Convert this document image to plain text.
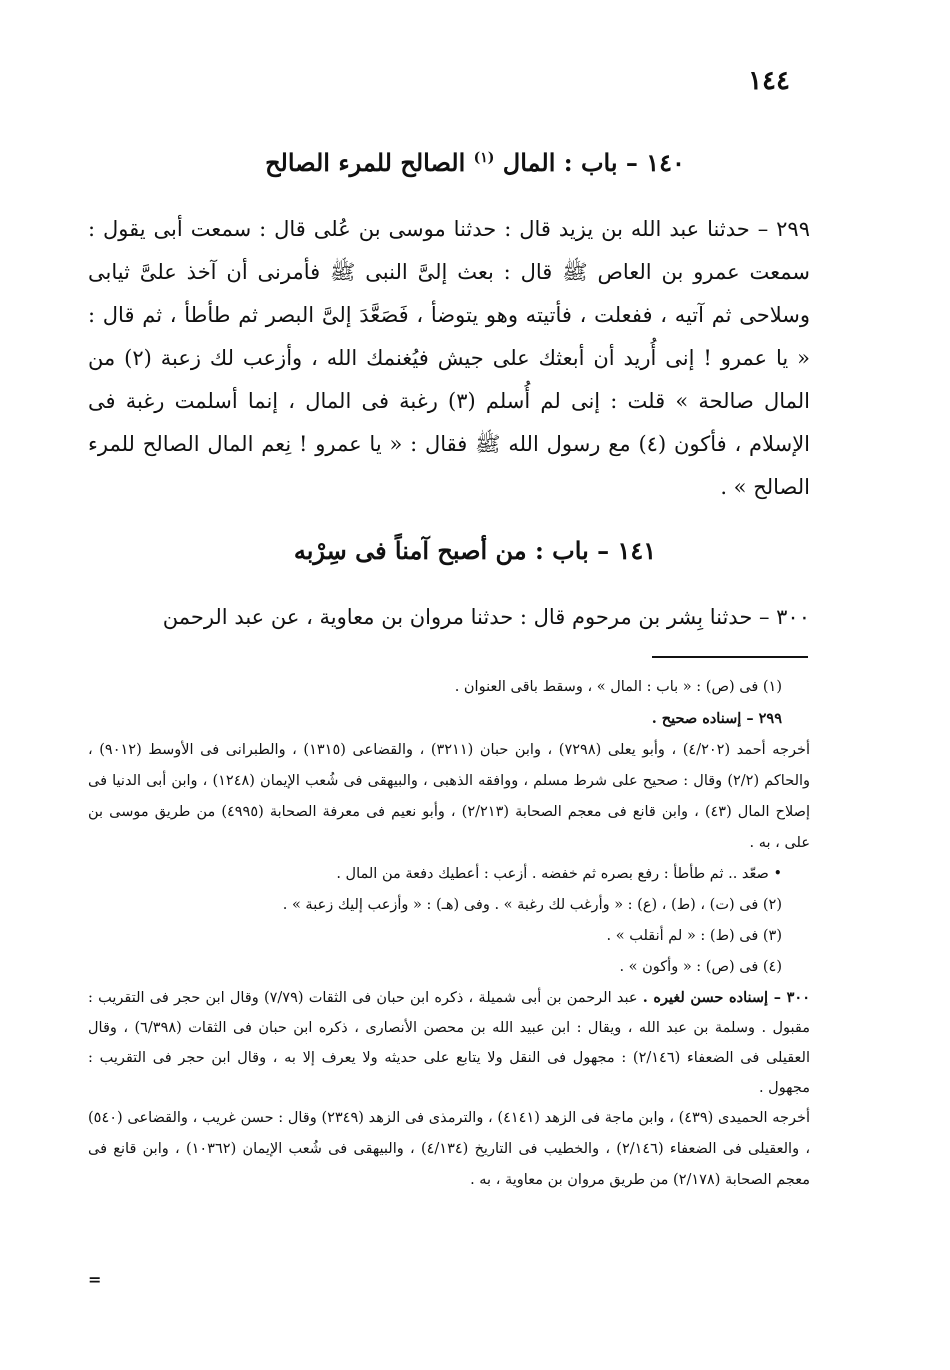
١٤٤
١٤٠ – باب : المال $^{(١)}$ الصالح للمرء الصالح
٢٩٩ – حدثنا عبد الله بن يزيد قال : حدثنا موسى بن عُلى قال : سمعت أبى يقول : سمعت عمرو بن العاص ﷺ قال : بعث إلىَّ النبى ﷺ فأمرنى أن آخذ علىَّ ثيابى وسلاحى ثم آتيه ، ففعلت ، فأتيته وهو يتوضأ ، فَصَعَّدَ إلىَّ البصر ثم طأطأ ، ثم قال : « يا عمرو ! إنى أُريد أن أبعثك على جيش فيُغنمك الله ، وأزعب لك زعبة (٢) من المال صالحة » قلت : إنى لم أُسلم (٣) رغبة فى المال ، إنما أسلمت رغبة فى الإسلام ، فأكون (٤) مع رسول الله ﷺ فقال : « يا عمرو ! نِعم المال الصالح للمرء الصالح » .
١٤١ – باب : من أصبح آمناً فى سِرْبه
٣٠٠ – حدثنا بِشر بن مرحوم قال : حدثنا مروان بن معاوية ، عن عبد الرحمن
(١) فى (ص) : « باب : المال » ، وسقط باقى العنوان .
٢٩٩ – إسناده صحيح .
أخرجه أحمد (٤/٢٠٢) ، وأبو يعلى (٧٢٩٨) ، وابن حبان (٣٢١١) ، والقضاعى (١٣١٥) ، والطبرانى فى الأوسط (٩٠١٢) ، والحاكم (٢/٢) وقال : صحيح على شرط مسلم ، ووافقه الذهبى ، والبيهقى فى شُعب الإيمان (١٢٤٨) ، وابن أبى الدنيا فى إصلاح المال (٤٣) ، وابن قانع فى معجم الصحابة (٢/٢١٣) ، وأبو نعيم فى معرفة الصحابة (٤٩٩٥) من طريق موسى بن على ، به .
• صعّد .. ثم طأطأ : رفع بصره ثم خفضه . أزعب : أعطيك دفعة من المال .
(٢) فى (ت) ، (ط) ، (ع) : « وأرغب لك رغبة » . وفى (هـ) : « وأزعب إليك زعبة » .
(٣) فى (ط) : « لم أنقلب » .
(٤) فى (ص) : « وأكون » .
٣٠٠ – إسناده حسن لغيره . عبد الرحمن بن أبى شميلة ، ذكره ابن حبان فى الثقات (٧/٧٩) وقال ابن حجر فى التقريب : مقبول . وسلمة بن عبد الله ، ويقال : ابن عبيد الله بن محصن الأنصارى ، ذكره ابن حبان فى الثقات (٦/٣٩٨) ، وقال العقيلى فى الضعفاء (٢/١٤٦) : مجهول فى النقل ولا يتابع على حديثه ولا يعرف إلا به ، وقال ابن حجر فى التقريب : مجهول .
أخرجه الحميدى (٤٣٩) ، وابن ماجة فى الزهد (٤١٤١) ، والترمذى فى الزهد (٢٣٤٩) وقال : حسن غريب ، والقضاعى (٥٤٠) ، والعقيلى فى الضعفاء (٢/١٤٦) ، والخطيب فى التاريخ (٤/١٣٤) ، والبيهقى فى شُعب الإيمان (١٠٣٦٢) ، وابن قانع فى معجم الصحابة (٢/١٧٨) من طريق مروان بن معاوية ، به .
=
